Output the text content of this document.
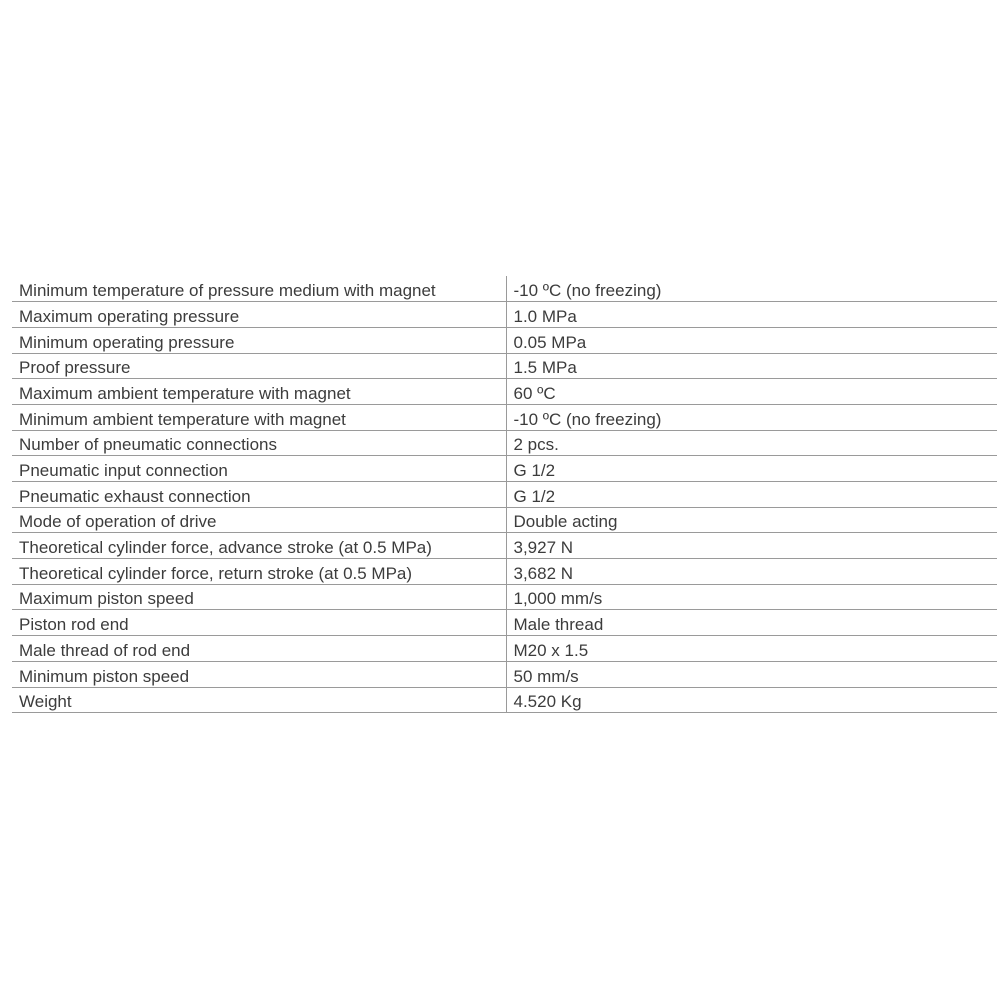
Minimum temperature of pressure medium with magnet	-10 ºC (no freezing)
Maximum operating pressure	1.0 MPa
Minimum operating pressure	0.05 MPa
Proof pressure	1.5 MPa
Maximum ambient temperature with magnet	60 ºC
Minimum ambient temperature with magnet	-10 ºC (no freezing)
Number of pneumatic connections	2 pcs.
Pneumatic input connection	G 1/2
Pneumatic exhaust connection	G 1/2
Mode of operation of drive	Double acting
Theoretical cylinder force, advance stroke (at 0.5 MPa)	3,927 N
Theoretical cylinder force, return stroke (at 0.5 MPa)	3,682 N
Maximum piston speed	1,000 mm/s
Piston rod end	Male thread
Male thread of rod end	M20 x 1.5
Minimum piston speed	50 mm/s
Weight	4.520 Kg
